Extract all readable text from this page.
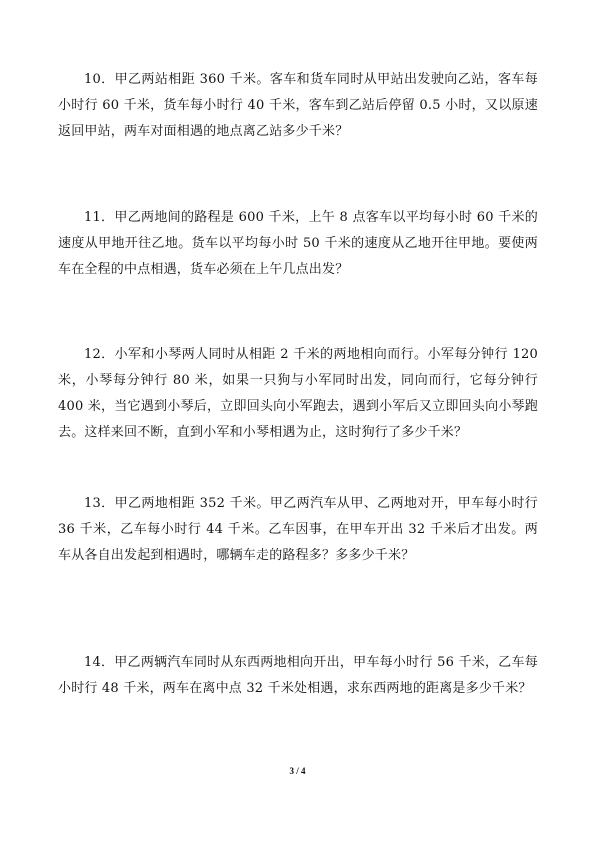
10．甲乙两站相距 360 千米。客车和货车同时从甲站出发驶向乙站，客车每小时行 60 千米，货车每小时行 40 千米，客车到乙站后停留 0.5 小时，又以原速返回甲站，两车对面相遇的地点离乙站多少千米？

11．甲乙两地间的路程是 600 千米，上午 8 点客车以平均每小时 60 千米的速度从甲地开往乙地。货车以平均每小时 50 千米的速度从乙地开往甲地。要使两车在全程的中点相遇，货车必须在上午几点出发？

12．小军和小琴两人同时从相距 2 千米的两地相向而行。小军每分钟行 120 米，小琴每分钟行 80 米，如果一只狗与小军同时出发，同向而行，它每分钟行 400 米，当它遇到小琴后，立即回头向小军跑去，遇到小军后又立即回头向小琴跑去。这样来回不断，直到小军和小琴相遇为止，这时狗行了多少千米？

13．甲乙两地相距 352 千米。甲乙两汽车从甲、乙两地对开，甲车每小时行 36 千米，乙车每小时行 44 千米。乙车因事，在甲车开出 32 千米后才出发。两车从各自出发起到相遇时，哪辆车走的路程多？多多少千米？

14．甲乙两辆汽车同时从东西两地相向开出，甲车每小时行 56 千米，乙车每小时行 48 千米，两车在离中点 32 千米处相遇，求东西两地的距离是多少千米？

3 / 4
